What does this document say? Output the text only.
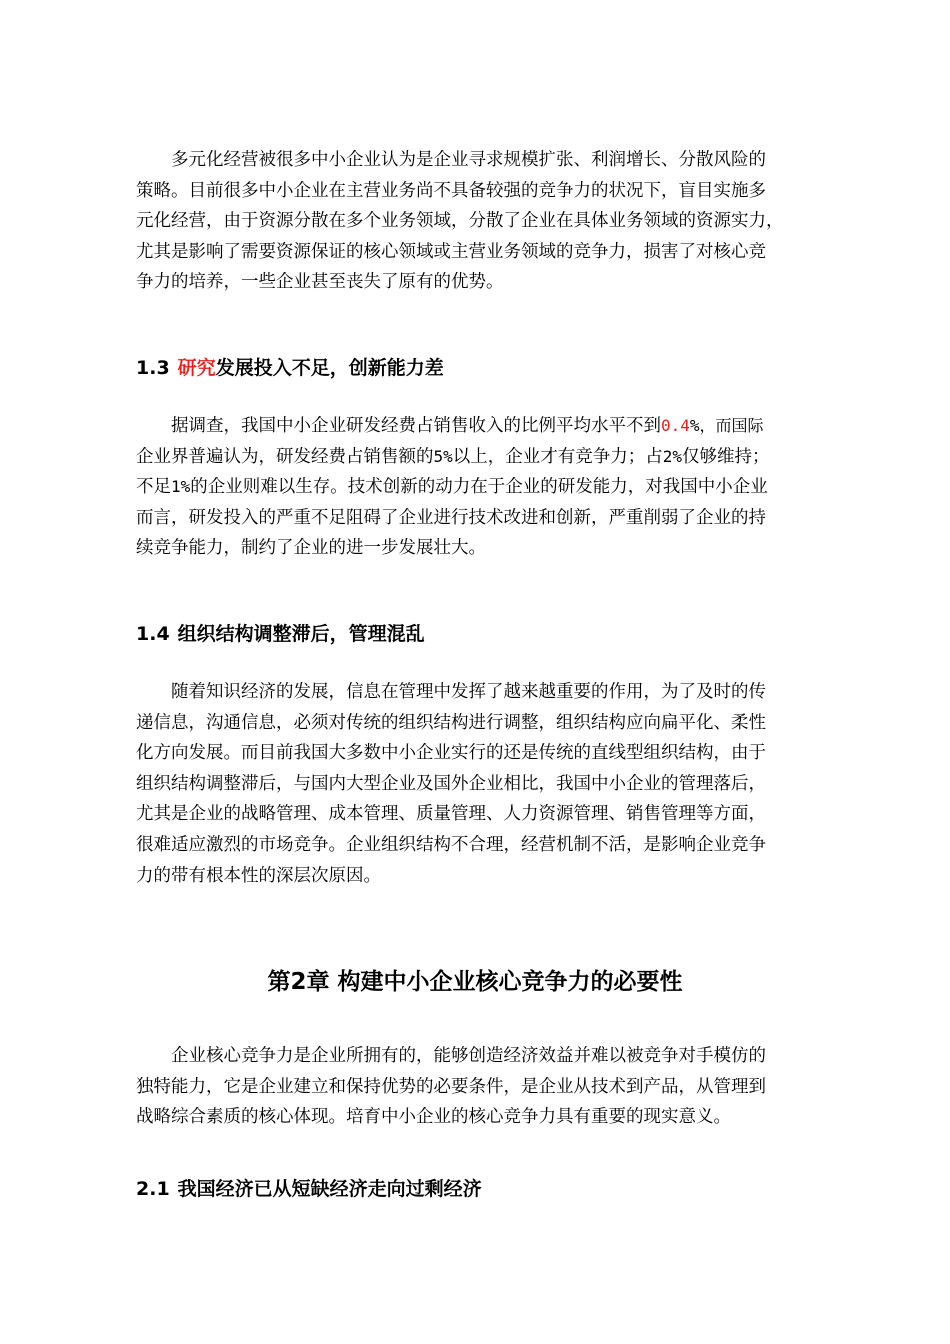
多元化经营被很多中小企业认为是企业寻求规模扩张、利润增长、分散风险的
策略。目前很多中小企业在主营业务尚不具备较强的竞争力的状况下，盲目实施多
元化经营，由于资源分散在多个业务领域，分散了企业在具体业务领域的资源实力，
尤其是影响了需要资源保证的核心领域或主营业务领域的竞争力，损害了对核心竞
争力的培养，一些企业甚至丧失了原有的优势。

1.3 研究发展投入不足，创新能力差

据调查，我国中小企业研发经费占销售收入的比例平均水平不到0.4%，而国际
企业界普遍认为，研发经费占销售额的5%以上，企业才有竞争力；占2%仅够维持；
不足1%的企业则难以生存。技术创新的动力在于企业的研发能力，对我国中小企业
而言，研发投入的严重不足阻碍了企业进行技术改进和创新，严重削弱了企业的持
续竞争能力，制约了企业的进一步发展壮大。

1.4 组织结构调整滞后，管理混乱

随着知识经济的发展，信息在管理中发挥了越来越重要的作用，为了及时的传
递信息，沟通信息，必须对传统的组织结构进行调整，组织结构应向扁平化、柔性
化方向发展。而目前我国大多数中小企业实行的还是传统的直线型组织结构，由于
组织结构调整滞后，与国内大型企业及国外企业相比，我国中小企业的管理落后，
尤其是企业的战略管理、成本管理、质量管理、人力资源管理、销售管理等方面，
很难适应激烈的市场竞争。企业组织结构不合理，经营机制不活，是影响企业竞争
力的带有根本性的深层次原因。

第2章 构建中小企业核心竞争力的必要性

企业核心竞争力是企业所拥有的，能够创造经济效益并难以被竞争对手模仿的
独特能力，它是企业建立和保持优势的必要条件，是企业从技术到产品，从管理到
战略综合素质的核心体现。培育中小企业的核心竞争力具有重要的现实意义。

2.1 我国经济已从短缺经济走向过剩经济
